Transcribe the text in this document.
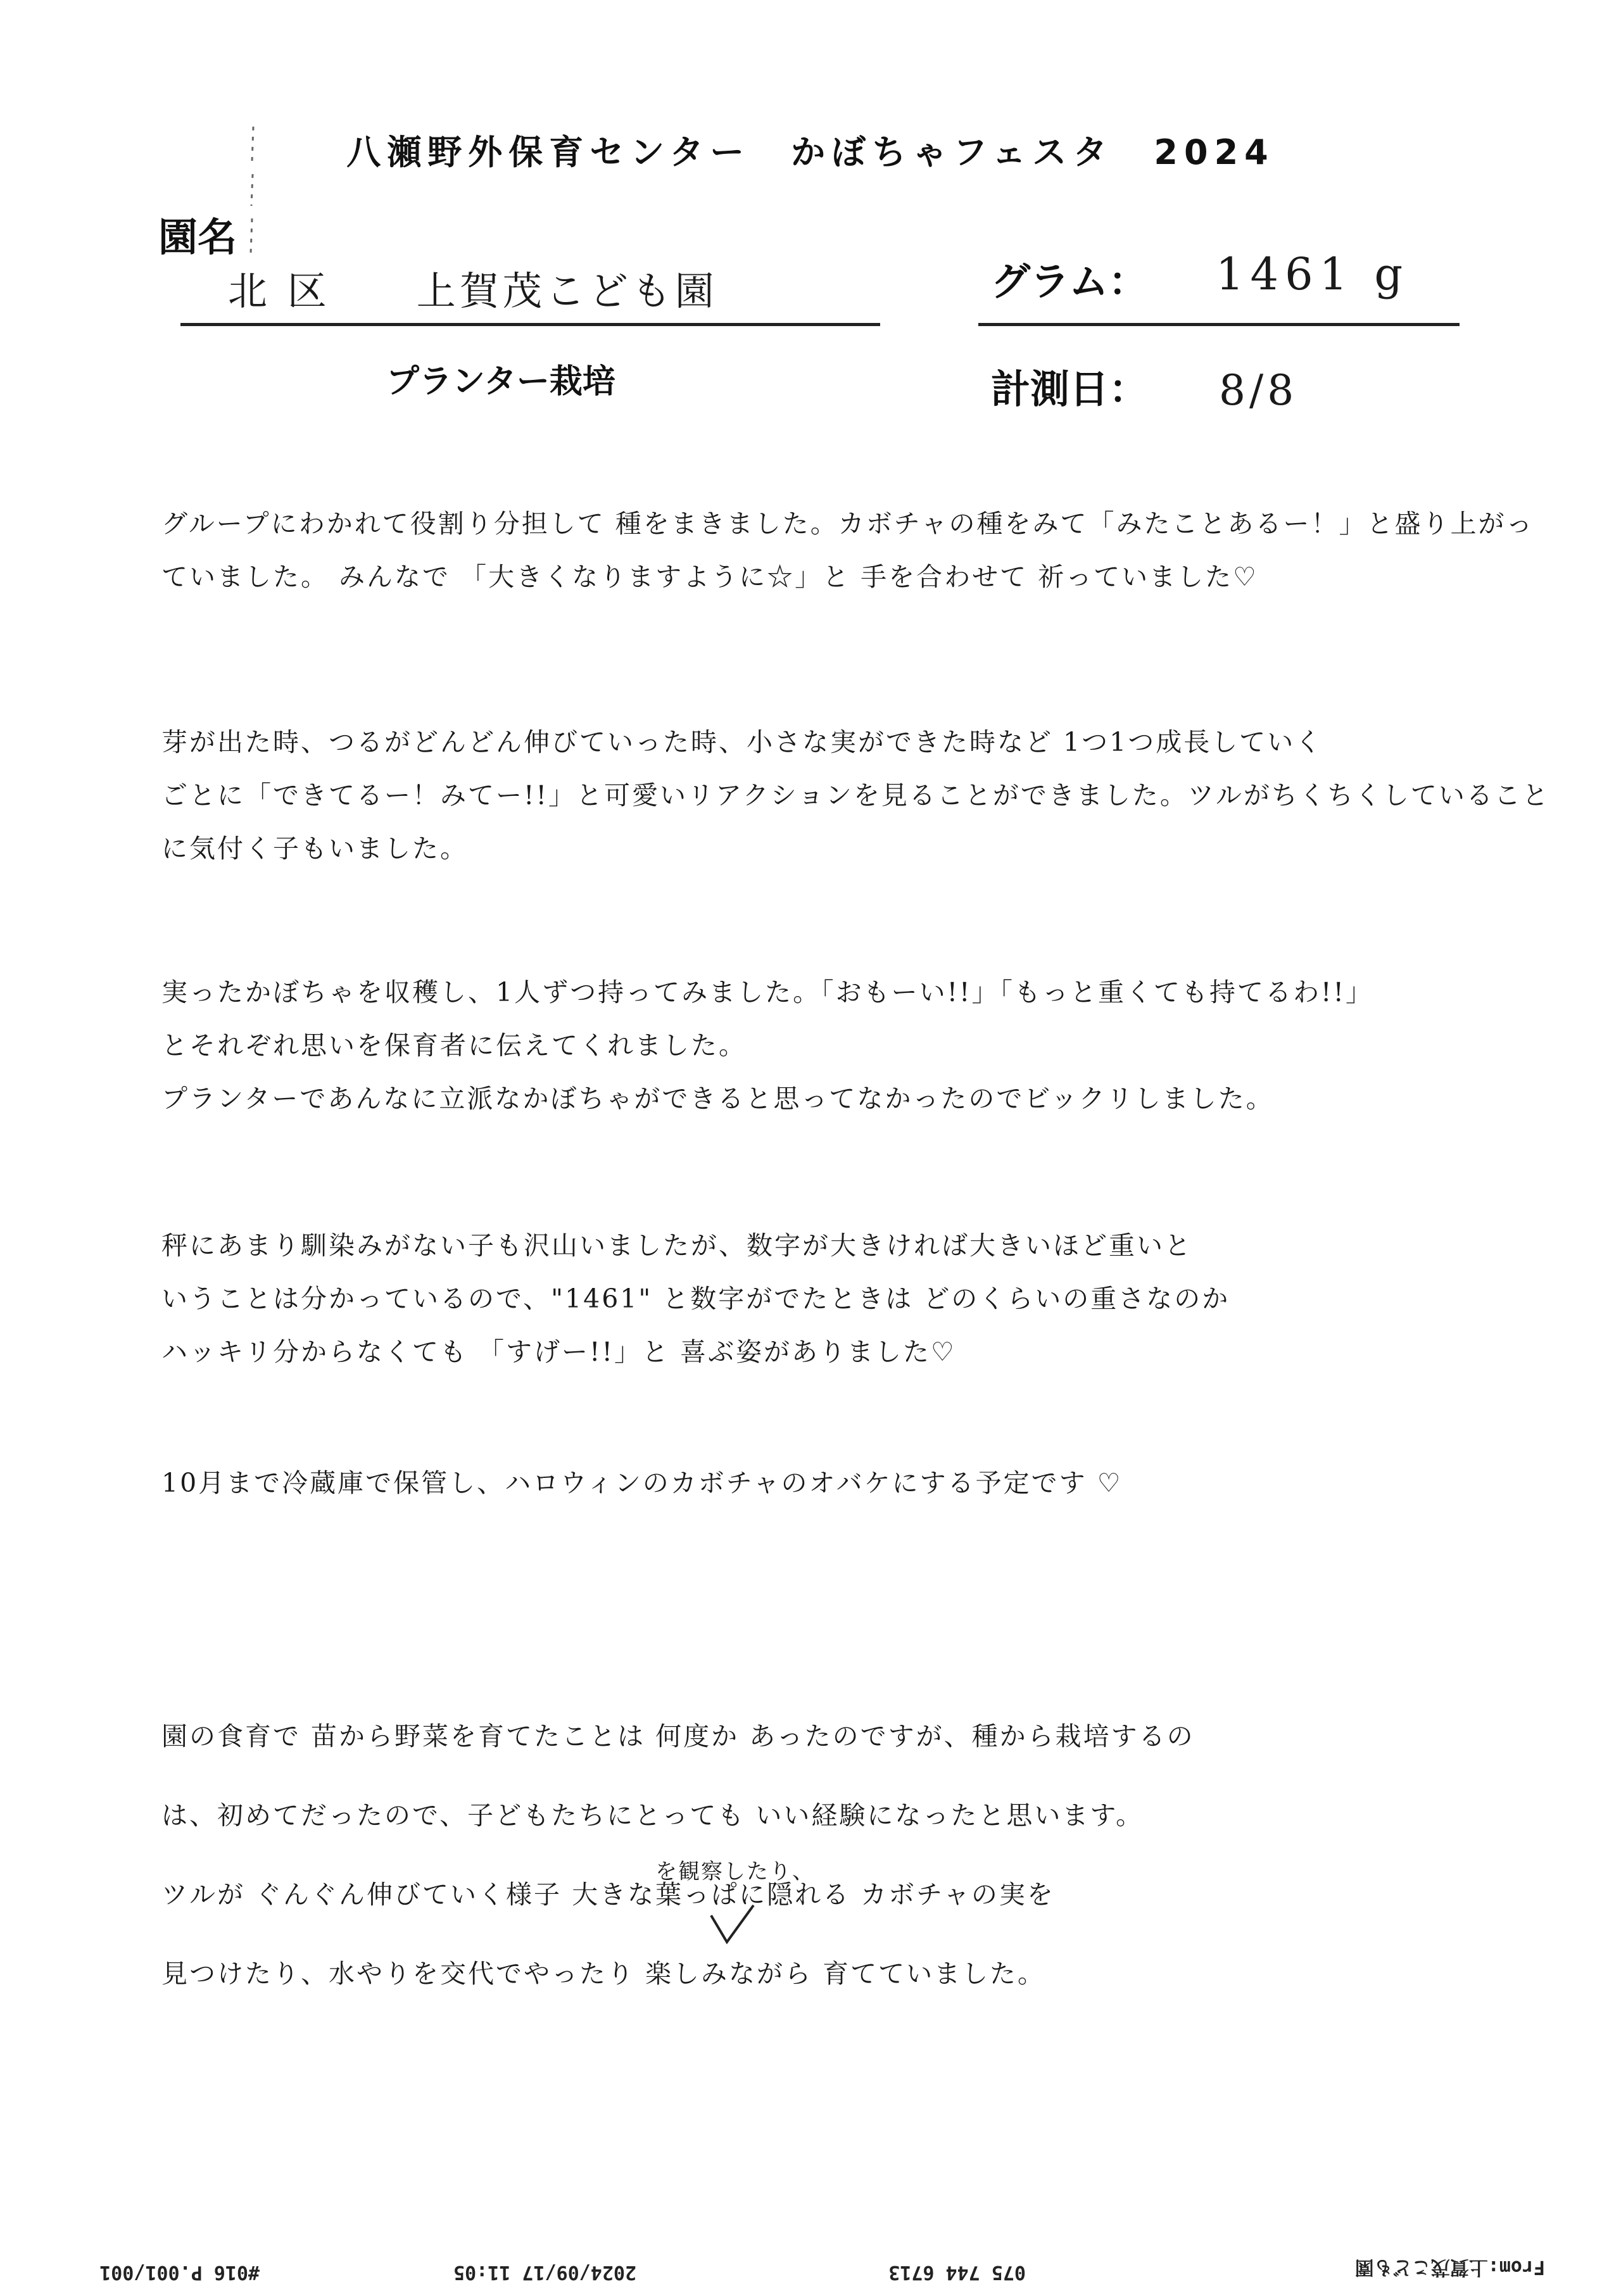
八瀬野外保育センター　かぼちゃフェスタ　2024
園名
北 区　　上賀茂こども園	グラム： 1461 g
プランター栽培	計測日： 8/8
グループにわかれて役割り分担して 種をまきました。カボチャの種をみて「みたことあるー！」と盛り上がっ
ていました。 みんなで 「大きくなりますように☆」と 手を合わせて 祈っていました♡
芽が出た時、つるがどんどん伸びていった時、小さな実ができた時など 1つ1つ成長していく
ごとに「できてるー！みてー!!」と可愛いリアクションを見ることができました。ツルがちくちくしていること
に気付く子もいました。
実ったかぼちゃを収穫し、1人ずつ持ってみました。「おもーい!!」「もっと重くても持てるわ!!」
とそれぞれ思いを保育者に伝えてくれました。
プランターであんなに立派なかぼちゃができると思ってなかったのでビックリしました。
秤にあまり馴染みがない子も沢山いましたが、数字が大きければ大きいほど重いと
いうことは分かっているので、"1461" と数字がでたときは どのくらいの重さなのか
ハッキリ分からなくても 「すげー!!」と 喜ぶ姿がありました♡
10月まで冷蔵庫で保管し、ハロウィンのカボチャのオバケにする予定です ♡
園の食育で 苗から野菜を育てたことは 何度か あったのですが、種から栽培するの
は、初めてだったので、子どもたちにとっても いい経験になったと思います。
ツルが ぐんぐん伸びていく様子 大きな葉っぱに隠れる カボチャの実を
見つけたり、水やりを交代でやったり 楽しみながら 育てていました。
を観察したり、
From:上賀茂こども園
075 744 6713
2024/09/17 11:05
#016 P.001/001
